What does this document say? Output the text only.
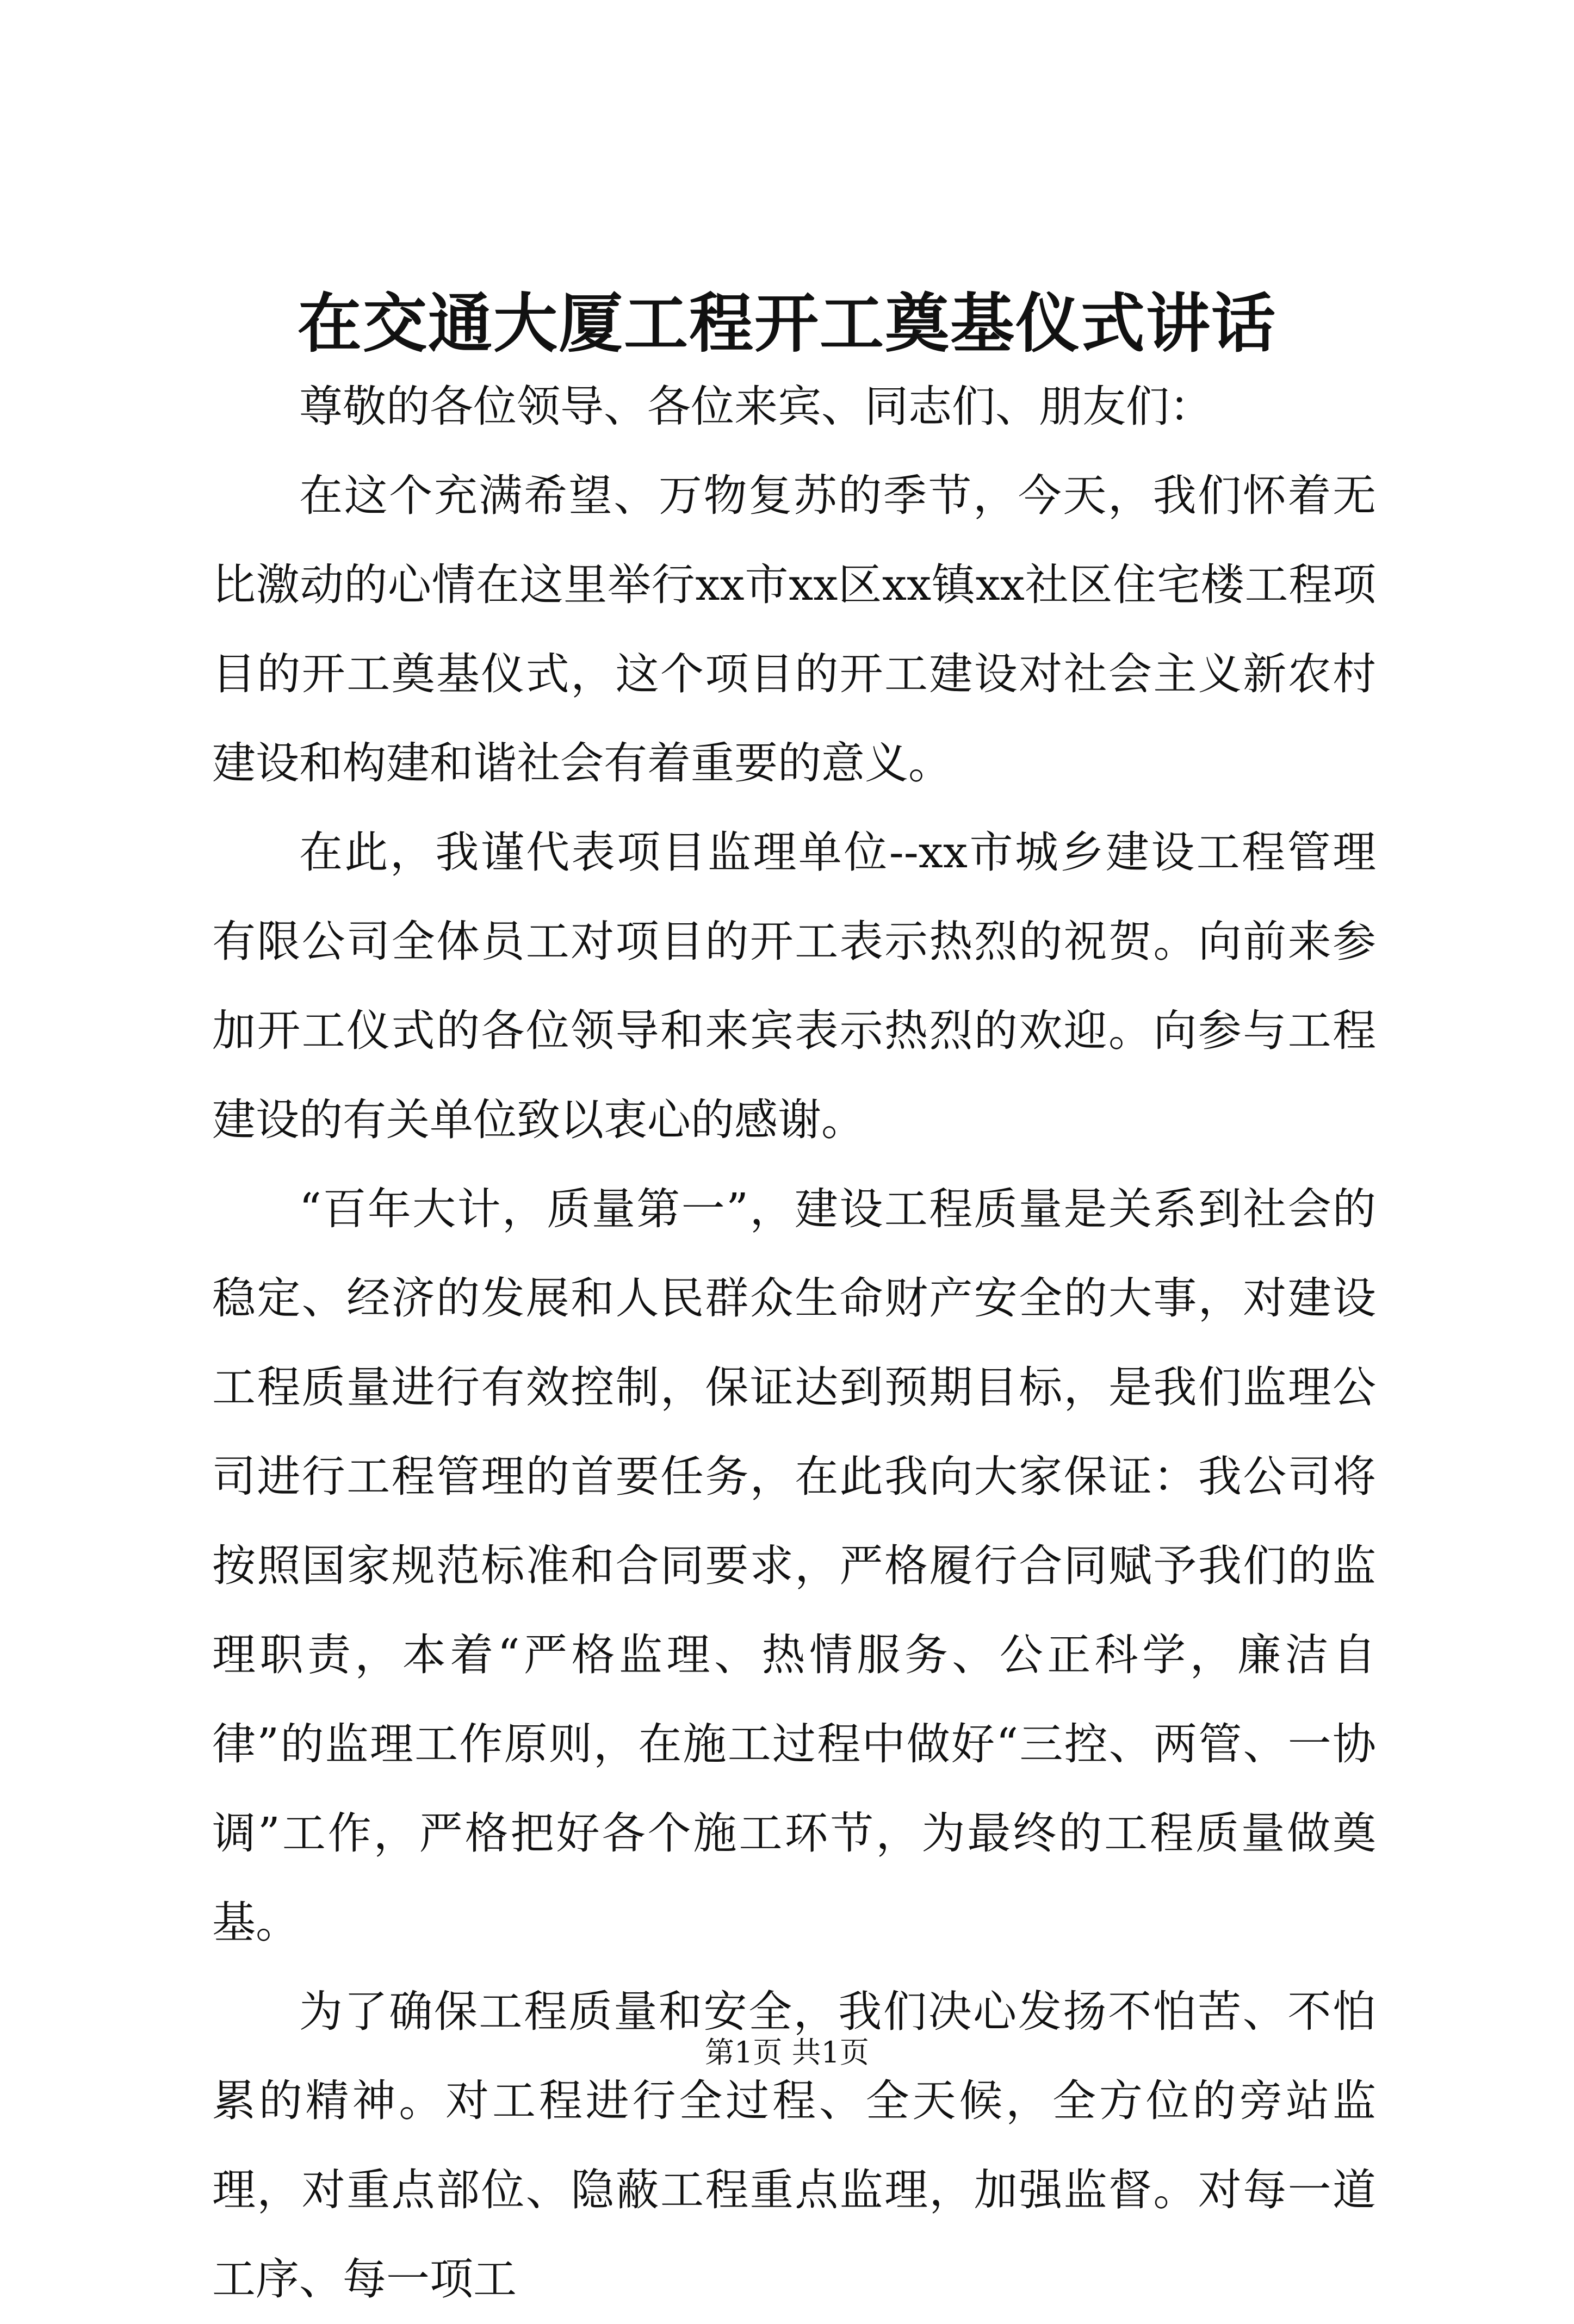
在交通大厦工程开工奠基仪式讲话

尊敬的各位领导、各位来宾、同志们、朋友们：

在这个充满希望、万物复苏的季节，今天，我们怀着无比激动的心情在这里举行xx市xx区xx镇xx社区住宅楼工程项目的开工奠基仪式，这个项目的开工建设对社会主义新农村建设和构建和谐社会有着重要的意义。

在此，我谨代表项目监理单位--xx市城乡建设工程管理有限公司全体员工对项目的开工表示热烈的祝贺。向前来参加开工仪式的各位领导和来宾表示热烈的欢迎。向参与工程建设的有关单位致以衷心的感谢。

“百年大计，质量第一”，建设工程质量是关系到社会的稳定、经济的发展和人民群众生命财产安全的大事，对建设工程质量进行有效控制，保证达到预期目标，是我们监理公司进行工程管理的首要任务，在此我向大家保证：我公司将按照国家规范标准和合同要求，严格履行合同赋予我们的监理职责，本着“严格监理、热情服务、公正科学，廉洁自律”的监理工作原则，在施工过程中做好“三控、两管、一协调”工作，严格把好各个施工环节，为最终的工程质量做奠基。

为了确保工程质量和安全，我们决心发扬不怕苦、不怕累的精神。对工程进行全过程、全天候，全方位的旁站监理，对重点部位、隐蔽工程重点监理，加强监督。对每一道工序、每一项工

第1页 共1页
